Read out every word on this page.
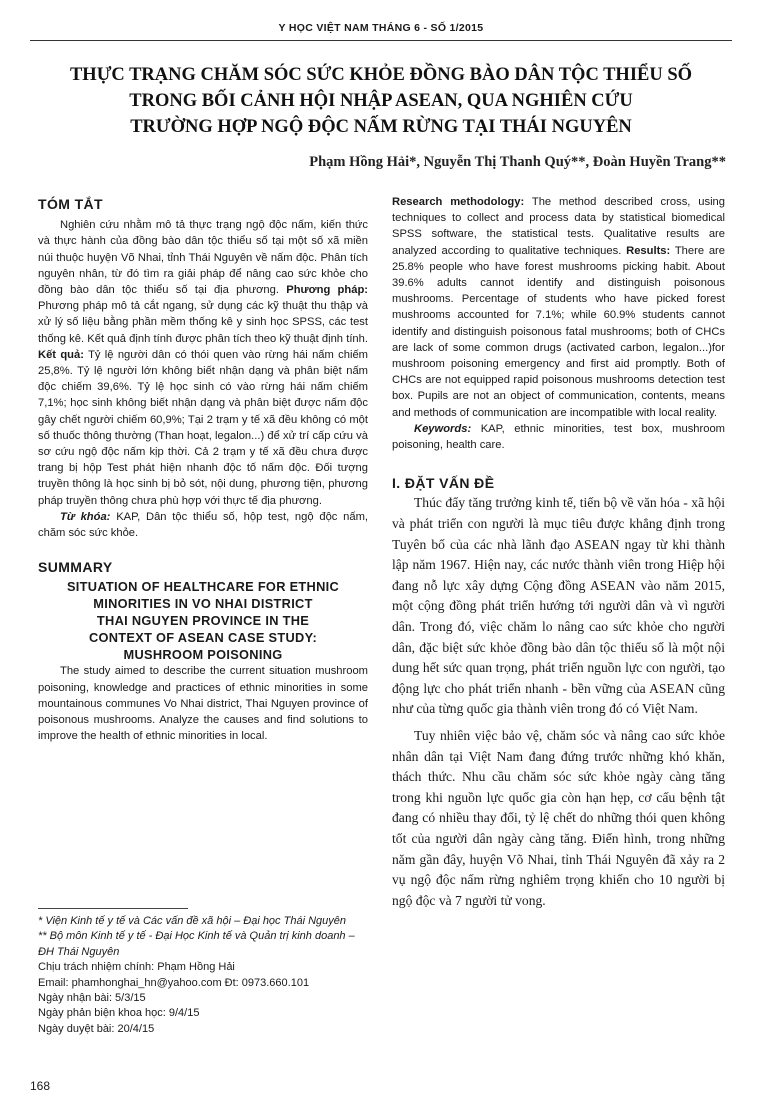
Y HỌC VIỆT NAM THÁNG 6 - SỐ 1/2015
THỰC TRẠNG CHĂM SÓC SỨC KHỎE ĐỒNG BÀO DÂN TỘC THIỂU SỐ
TRONG BỐI CẢNH HỘI NHẬP ASEAN, QUA NGHIÊN CỨU
TRƯỜNG HỢP NGỘ ĐỘC NẤM RỪNG TẠI THÁI NGUYÊN
Phạm Hồng Hải*, Nguyễn Thị Thanh Quý**, Đoàn Huyền Trang**
TÓM TẮT

Nghiên cứu nhằm mô tả thực trạng ngộ độc nấm, kiến thức và thực hành của đồng bào dân tộc thiểu số tại một số xã miền núi thuộc huyện Võ Nhai, tỉnh Thái Nguyên về nấm độc. Phân tích nguyên nhân, từ đó tìm ra giải pháp để nâng cao sức khỏe cho đồng bào dân tộc thiểu số tại địa phương. Phương pháp: Phương pháp mô tả cắt ngang, sử dụng các kỹ thuật thu thập và xử lý số liệu bằng phần mềm thống kê y sinh học SPSS, các test thống kê. Kết quả định tính được phân tích theo kỹ thuật định tính. Kết quả: Tỷ lệ người dân có thói quen vào rừng hái nấm chiếm 25,8%. Tỷ lệ người lớn không biết nhận dạng và phân biệt nấm độc chiếm 39,6%. Tỷ lệ học sinh có vào rừng hái nấm chiếm 7,1%; học sinh không biết nhận dạng và phân biệt được nấm độc gây chết người chiếm 60,9%; Tại 2 trạm y tế xã đều không có một số thuốc thông thường (Than hoạt, legalon...) để xử trí cấp cứu và sơ cứu ngộ độc nấm kịp thời. Cả 2 trạm y tế xã đều chưa được trang bị hộp Test phát hiện nhanh độc tố nấm độc. Đối tượng truyền thông là học sinh bị bỏ sót, nội dung, phương tiện, phương pháp truyền thông chưa phù hợp với thực tế địa phương.

Từ khóa: KAP, Dân tộc thiểu số, hộp test, ngộ độc nấm, chăm sóc sức khỏe.

SUMMARY
SITUATION OF HEALTHCARE FOR ETHNIC
MINORITIES IN VO NHAI DISTRICT
THAI NGUYEN PROVINCE IN THE
CONTEXT OF ASEAN CASE STUDY:
MUSHROOM POISONING

The study aimed to describe the current situation mushroom poisoning, knowledge and practices of ethnic minorities in some mountainous communes Vo Nhai district, Thai Nguyen province of poisonous mushrooms. Analyze the causes and find solutions to improve the health of ethnic minorities in local.

* Viện Kinh tế y tế và Các vấn đề xã hội – Đại học Thái Nguyên
** Bộ môn Kinh tế y tế - Đại Học Kinh tế và Quản trị kinh doanh – ĐH Thái Nguyên
Chịu trách nhiệm chính: Phạm Hồng Hải
Email: phamhonghai_hn@yahoo.com Đt: 0973.660.101
Ngày nhận bài: 5/3/15
Ngày phản biện khoa học: 9/4/15
Ngày duyệt bài: 20/4/15

Research methodology: The method described cross, using techniques to collect and process data by statistical biomedical SPSS software, the statistical tests. Qualitative results are analyzed according to qualitative techniques. Results: There are 25.8% people who have forest mushrooms picking habit. About 39.6% adults cannot identify and distinguish poisonous mushrooms. Percentage of students who have picked forest mushrooms accounted for 7.1%; while 60.9% students cannot identify and distinguish poisonous fatal mushrooms; both of CHCs are lack of some common drugs (activated carbon, legalon...)for mushroom poisoning emergency and first aid promptly. Both of CHCs are not equipped rapid poisonous mushrooms detection test box. Pupils are not an object of communication, contents, means and methods of communication are incompatible with local reality.

Keywords: KAP, ethnic minorities, test box, mushroom poisoning, health care.

I. ĐẶT VẤN ĐỀ

Thúc đẩy tăng trưởng kinh tế, tiến bộ về văn hóa - xã hội và phát triển con người là mục tiêu được khẳng định trong Tuyên bố của các nhà lãnh đạo ASEAN ngay từ khi thành lập năm 1967. Hiện nay, các nước thành viên trong Hiệp hội đang nỗ lực xây dựng Cộng đồng ASEAN vào năm 2015, một cộng đồng phát triển hướng tới người dân và vì người dân. Trong đó, việc chăm lo nâng cao sức khỏe cho người dân, đặc biệt sức khỏe đồng bào dân tộc thiểu số là một nội dung hết sức quan trọng, phát triển nguồn lực con người, tạo động lực cho phát triển nhanh - bền vững của ASEAN cũng như của từng quốc gia thành viên trong đó có Việt Nam.

Tuy nhiên việc bảo vệ, chăm sóc và nâng cao sức khỏe nhân dân tại Việt Nam đang đứng trước những khó khăn, thách thức. Nhu cầu chăm sóc sức khỏe ngày càng tăng trong khi nguồn lực quốc gia còn hạn hẹp, cơ cấu bệnh tật đang có nhiều thay đổi, tỷ lệ chết do những thói quen không tốt của người dân ngày càng tăng. Điển hình, trong những năm gần đây, huyện Võ Nhai, tỉnh Thái Nguyên đã xảy ra 2 vụ ngộ độc nấm rừng nghiêm trọng khiến cho 10 người bị ngộ độc và 7 người tử vong.

168
